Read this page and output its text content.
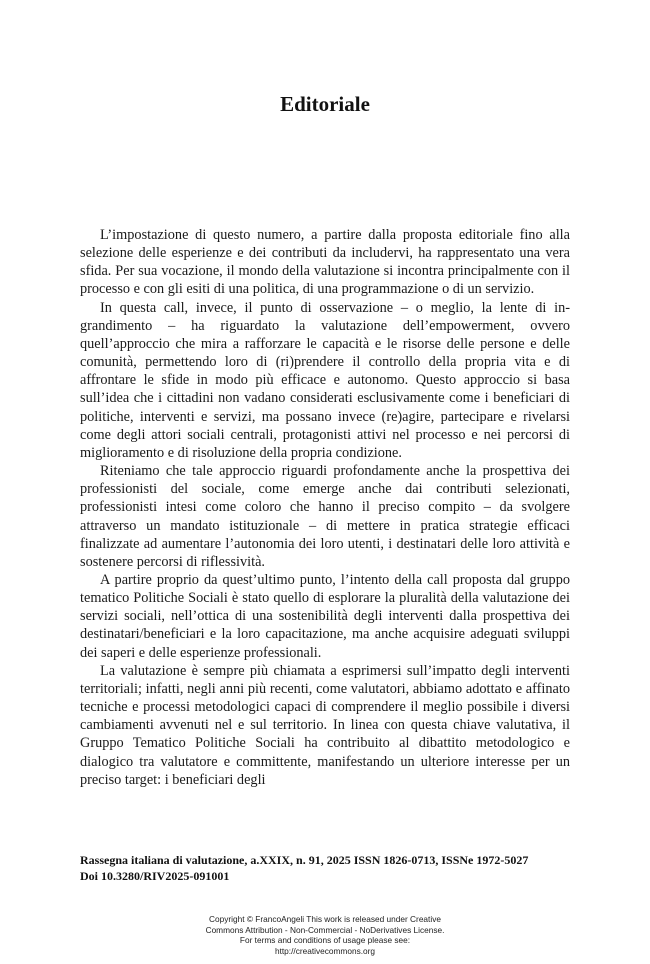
Editoriale

L’impostazione di questo numero, a partire dalla proposta editoriale fino alla selezione delle esperienze e dei contributi da includervi, ha rappresentato una vera sfida. Per sua vocazione, il mondo della valutazione si incontra principalmente con il processo e con gli esiti di una politica, di una programmazione o di un servizio.

In questa call, invece, il punto di osservazione – o meglio, la lente di ingrandimento – ha riguardato la valutazione dell’empowerment, ovvero quell’approccio che mira a rafforzare le capacità e le risorse delle persone e delle comunità, permettendo loro di (ri)prendere il controllo della propria vita e di affrontare le sfide in modo più efficace e autonomo. Questo approccio si basa sull’idea che i cittadini non vadano considerati esclusivamente come i beneficiari di politiche, interventi e servizi, ma possano invece (re)agire, partecipare e rivelarsi come degli attori sociali centrali, protagonisti attivi nel processo e nei percorsi di miglioramento e di risoluzione della propria condizione.

Riteniamo che tale approccio riguardi profondamente anche la prospettiva dei professionisti del sociale, come emerge anche dai contributi selezionati, professionisti intesi come coloro che hanno il preciso compito – da svolgere attraverso un mandato istituzionale – di mettere in pratica strategie efficaci finalizzate ad aumentare l’autonomia dei loro utenti, i destinatari delle loro attività e sostenere percorsi di riflessività.

A partire proprio da quest’ultimo punto, l’intento della call proposta dal gruppo tematico Politiche Sociali è stato quello di esplorare la pluralità della valutazione dei servizi sociali, nell’ottica di una sostenibilità degli interventi dalla prospettiva dei destinatari/beneficiari e la loro capacitazione, ma anche acquisire adeguati sviluppi dei saperi e delle esperienze professionali.

La valutazione è sempre più chiamata a esprimersi sull’impatto degli interventi territoriali; infatti, negli anni più recenti, come valutatori, abbiamo adottato e affinato tecniche e processi metodologici capaci di comprendere il meglio possibile i diversi cambiamenti avvenuti nel e sul territorio. In linea con questa chiave valutativa, il Gruppo Tematico Politiche Sociali ha contribuito al dibattito metodologico e dialogico tra valutatore e committente, manifestando un ulteriore interesse per un preciso target: i beneficiari degli

Rassegna italiana di valutazione, a.XXIX, n. 91, 2025 ISSN 1826-0713, ISSNe 1972-5027
Doi 10.3280/RIV2025-091001
Copyright © FrancoAngeli This work is released under Creative
Commons Attribution - Non-Commercial - NoDerivatives License.
For terms and conditions of usage please see:
http://creativecommons.org
